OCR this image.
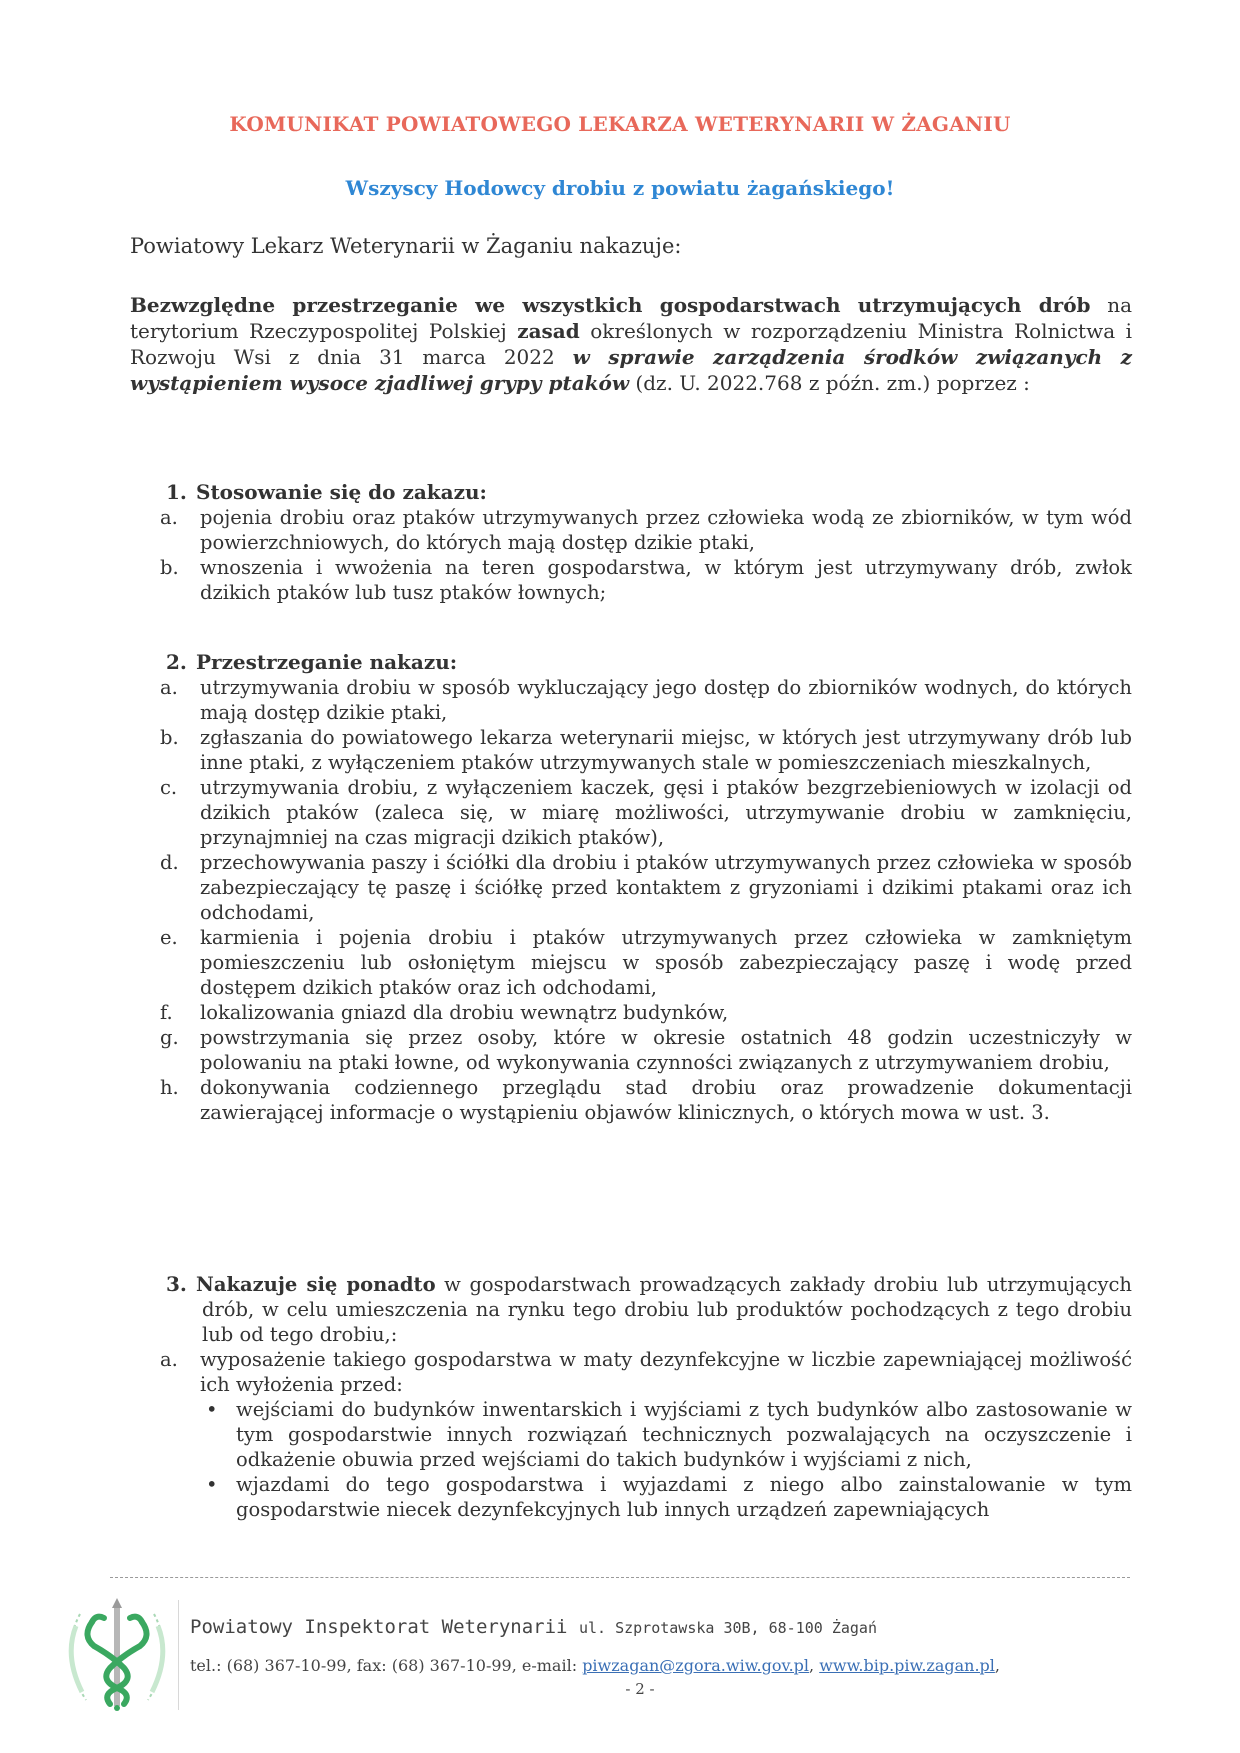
KOMUNIKAT POWIATOWEGO LEKARZA WETERYNARII W ŻAGANIU
Wszyscy Hodowcy drobiu z powiatu żagańskiego!
Powiatowy Lekarz Weterynarii w Żaganiu nakazuje:
Bezwzględne przestrzeganie we wszystkich gospodarstwach utrzymujących drób na terytorium Rzeczypospolitej Polskiej zasad określonych w rozporządzeniu Ministra Rolnictwa i Rozwoju Wsi z dnia 31 marca 2022 w sprawie zarządzenia środków związanych z wystąpieniem wysoce zjadliwej grypy ptaków (dz. U. 2022.768 z późn. zm.) poprzez :
1. Stosowanie się do zakazu:
a. pojenia drobiu oraz ptaków utrzymywanych przez człowieka wodą ze zbiorników, w tym wód powierzchniowych, do których mają dostęp dzikie ptaki,
b. wnoszenia i wwożenia na teren gospodarstwa, w którym jest utrzymywany drób, zwłok dzikich ptaków lub tusz ptaków łownych;
2. Przestrzeganie nakazu:
a. utrzymywania drobiu w sposób wykluczający jego dostęp do zbiorników wodnych, do których mają dostęp dzikie ptaki,
b. zgłaszania do powiatowego lekarza weterynarii miejsc, w których jest utrzymywany drób lub inne ptaki, z wyłączeniem ptaków utrzymywanych stale w pomieszczeniach mieszkalnych,
c. utrzymywania drobiu, z wyłączeniem kaczek, gęsi i ptaków bezgrzebieniowych w izolacji od dzikich ptaków (zaleca się, w miarę możliwości, utrzymywanie drobiu w zamknięciu, przynajmniej na czas migracji dzikich ptaków),
d. przechowywania paszy i ściółki dla drobiu i ptaków utrzymywanych przez człowieka w sposób zabezpieczający tę paszę i ściółkę przed kontaktem z gryzoniami i dzikimi ptakami oraz ich odchodami,
e. karmienia i pojenia drobiu i ptaków utrzymywanych przez człowieka w zamkniętym pomieszczeniu lub osłoniętym miejscu w sposób zabezpieczający paszę i wodę przed dostępem dzikich ptaków oraz ich odchodami,
f. lokalizowania gniazd dla drobiu wewnątrz budynków,
g. powstrzymania się przez osoby, które w okresie ostatnich 48 godzin uczestniczyły w polowaniu na ptaki łowne, od wykonywania czynności związanych z utrzymywaniem drobiu,
h. dokonywania codziennego przeglądu stad drobiu oraz prowadzenie dokumentacji zawierającej informacje o wystąpieniu objawów klinicznych, o których mowa w ust. 3.
3. Nakazuje się ponadto w gospodarstwach prowadzących zakłady drobiu lub utrzymujących drób, w celu umieszczenia na rynku tego drobiu lub produktów pochodzących z tego drobiu lub od tego drobiu,:
a. wyposażenie takiego gospodarstwa w maty dezynfekcyjne w liczbie zapewniającej możliwość ich wyłożenia przed:
• wejściami do budynków inwentarskich i wyjściami z tych budynków albo zastosowanie w tym gospodarstwie innych rozwiązań technicznych pozwalających na oczyszczenie i odkażenie obuwia przed wejściami do takich budynków i wyjściami z nich,
• wjazdami do tego gospodarstwa i wyjazdami z niego albo zainstalowanie w tym gospodarstwie niecek dezynfekcyjnych lub innych urządzeń zapewniających
Powiatowy Inspektorat Weterynarii ul. Szprotawska 30B, 68-100 Żagań
tel.: (68) 367-10-99, fax: (68) 367-10-99, e-mail: piwzagan@zgora.wiw.gov.pl, www.bip.piw.zagan.pl,
- 2 -
